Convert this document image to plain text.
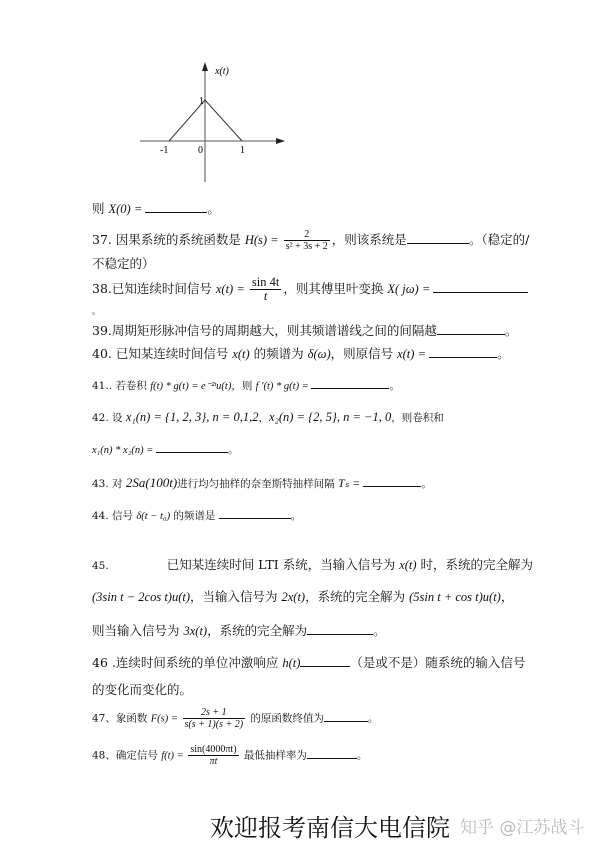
x(t)
1
-1	0	1
则 X(0) =	。
37. 因果系统的系统函数是 $H(s) = \frac{2}{\text{s² + 3s + 2}}$ ，则该系统是	。（稳定的/
不稳定的）
38.已知连续时间信号 $x(t) = \frac{\sin 4t}{t}$ ，则其傅里叶变换 X( jω) =
。
39.周期矩形脉冲信号的周期越大，则其频谱谱线之间的间隔越	。
40. 已知某连续时间信号 x(t) 的频谱为 δ(ω)，则原信号 x(t) =	。
41.. 若卷积 f(t) * g(t) = e⁻²ᵗu(t)，则 f ′(t) * g(t) =	。
42. 设 x₁(n) = {1, 2, 3}, n = 0,1,2，x₂(n) = {2, 5}, n = −1, 0，则卷积和
x₁(n) * x₂(n) =	。
43. 对 2Sa(100t)进行均匀抽样的奈奎斯特抽样间隔 Tₛ =	。
44. 信号 δ(t − t₀) 的频谱是	。
45.	已知某连续时间 LTI 系统，当输入信号为 x(t) 时，系统的完全解为
(3sin t − 2cos t)u(t)，当输入信号为 2x(t)，系统的完全解为 (5sin t + cos t)u(t)，
则当输入信号为 3x(t)，系统的完全解为	。
46 .连续时间系统的单位冲激响应 h(t)	（是或不是）随系统的输入信号
的变化而变化的。
47、象函数 $F(s) = \frac{2s + 1}{s(s + 1)(s + 2)}$ 的原函数终值为	。
48、确定信号 $f(t) = \frac{\sin(4000\pi t)}{\pi t}$ 最低抽样率为	。
欢迎报考南信大电信院 知乎 @江苏战斗
